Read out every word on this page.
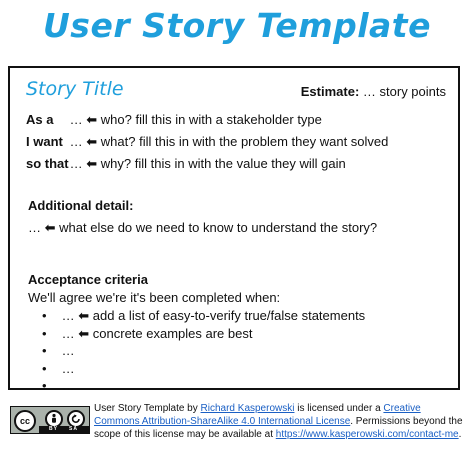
User Story Template
Story Title	Estimate: … story points
As a … ⬅ who? fill this in with a stakeholder type
I want … ⬅ what? fill this in with the problem they want solved
so that … ⬅ why? fill this in with the value they will gain
Additional detail:
… ⬅ what else do we need to know to understand the story?
Acceptance criteria
We'll agree we're it's been completed when:
• … ⬅ add a list of easy-to-verify true/false statements
• … ⬅ concrete examples are best
• …
• …
• …
cc
BY SA
User Story Template by Richard Kasperowski is licensed under a Creative Commons Attribution-ShareAlike 4.0 International License. Permissions beyond the scope of this license may be available at https://www.kasperowski.com/contact-me.
